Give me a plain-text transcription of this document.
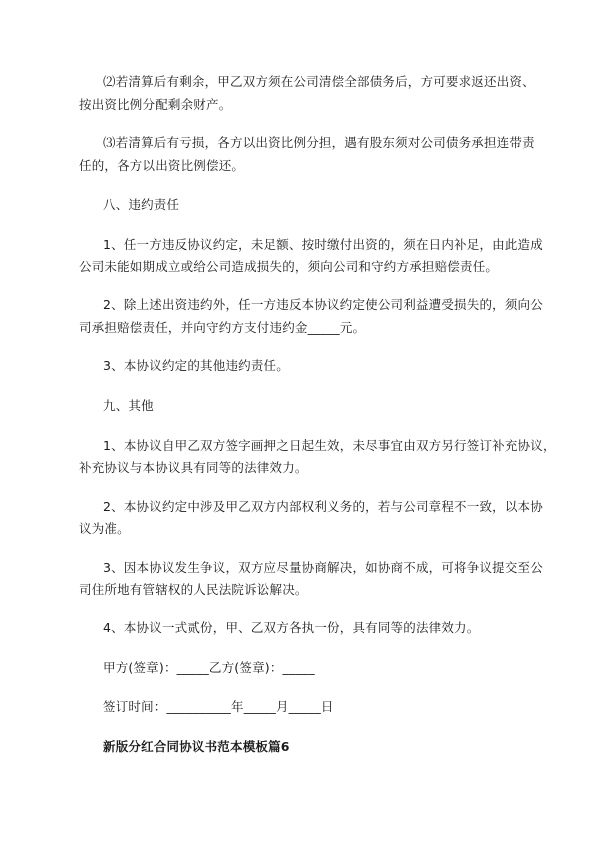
⑵若清算后有剩余，甲乙双方须在公司清偿全部债务后，方可要求返还出资、
按出资比例分配剩余财产。
⑶若清算后有亏损，各方以出资比例分担，遇有股东须对公司债务承担连带责
任的，各方以出资比例偿还。
八、违约责任
1、任一方违反协议约定，未足额、按时缴付出资的，须在日内补足，由此造成
公司未能如期成立或给公司造成损失的，须向公司和守约方承担赔偿责任。
2、除上述出资违约外，任一方违反本协议约定使公司利益遭受损失的，须向公
司承担赔偿责任，并向守约方支付违约金_____元。
3、本协议约定的其他违约责任。
九、其他
1、本协议自甲乙双方签字画押之日起生效，未尽事宜由双方另行签订补充协议，
补充协议与本协议具有同等的法律效力。
2、本协议约定中涉及甲乙双方内部权利义务的，若与公司章程不一致，以本协
议为准。
3、因本协议发生争议，双方应尽量协商解决，如协商不成，可将争议提交至公
司住所地有管辖权的人民法院诉讼解决。
4、本协议一式贰份，甲、乙双方各执一份，具有同等的法律效力。
甲方(签章)：_____乙方(签章)：_____
签订时间：__________年_____月_____日
新版分红合同协议书范本模板篇6
